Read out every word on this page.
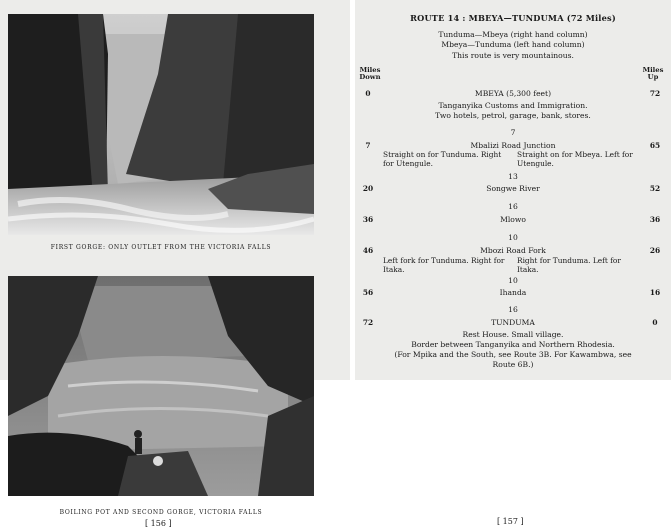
FIRST GORGE: ONLY OUTLET FROM THE VICTORIA FALLS
BOILING POT AND SECOND GORGE, VICTORIA FALLS
[ 156 ]
ROUTE 14 : MBEYA—TUNDUMA (72 Miles)
Tunduma—Mbeya (right hand column)
Mbeya—Tunduma (left hand column)
This route is very mountainous.
Miles
Down
Miles
Up
0	72
MBEYA (5,300 feet)
Tanganyika Customs and Immigration.
Two hotels, petrol, garage, bank, stores.
7
7	65
Mbalizi Road Junction
Straight on for Tunduma. Right for Utengule.
Straight on for Mbeya. Left for Utengule.
13
20	52
Songwe River
16
36	36
Mlowo
10
46	26
Mbozi Road Fork
Left fork for Tunduma. Right for Itaka.
Right for Tunduma. Left for Itaka.
10
56	16
Ihanda
16
72	0
TUNDUMA
Rest House. Small village.
Border between Tanganyika and Northern Rhodesia.
(For Mpika and the South, see Route 3B. For Kawambwa, see
Route 6B.)
[ 157 ]
